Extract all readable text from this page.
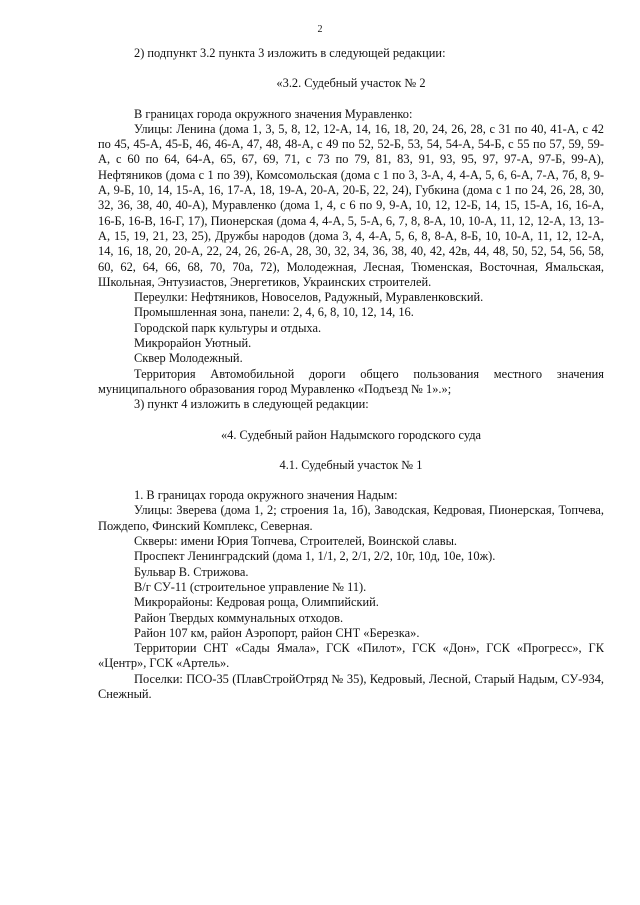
2

2) подпункт 3.2 пункта 3 изложить в следующей редакции:

«3.2. Судебный участок № 2

В границах города окружного значения Муравленко:

Улицы: Ленина (дома 1, 3, 5, 8, 12, 12-А, 14, 16, 18, 20, 24, 26, 28, с 31 по 40, 41-А, с 42 по 45, 45-А, 45-Б, 46, 46-А, 47, 48, 48-А, с 49 по 52, 52-Б, 53, 54, 54-А, 54-Б, с 55 по 57, 59, 59-А, с 60 по 64, 64-А, 65, 67, 69, 71, с 73 по 79, 81, 83, 91, 93, 95, 97, 97-А, 97-Б, 99-А), Нефтяников (дома с 1 по 39), Комсомольская (дома с 1 по 3, 3-А, 4, 4-А, 5, 6, 6-А, 7-А, 7б, 8, 9-А, 9-Б, 10, 14, 15-А, 16, 17-А, 18, 19-А, 20-А, 20-Б, 22, 24), Губкина (дома с 1 по 24, 26, 28, 30, 32, 36, 38, 40, 40-А), Муравленко (дома 1, 4, с 6 по 9, 9-А, 10, 12, 12-Б, 14, 15, 15-А, 16, 16-А, 16-Б, 16-В, 16-Г, 17), Пионерская (дома 4, 4-А, 5, 5-А, 6, 7, 8, 8-А, 10, 10-А, 11, 12, 12-А, 13, 13-А, 15, 19, 21, 23, 25), Дружбы народов (дома 3, 4, 4-А, 5, 6, 8, 8-А, 8-Б, 10, 10-А, 11, 12, 12-А, 14, 16, 18, 20, 20-А, 22, 24, 26, 26-А, 28, 30, 32, 34, 36, 38, 40, 42, 42в, 44, 48, 50, 52, 54, 56, 58, 60, 62, 64, 66, 68, 70, 70а, 72), Молодежная, Лесная, Тюменская, Восточная, Ямальская, Школьная, Энтузиастов, Энергетиков, Украинских строителей.

Переулки: Нефтяников, Новоселов, Радужный, Муравленковский.

Промышленная зона, панели: 2, 4, 6, 8, 10, 12, 14, 16.

Городской парк культуры и отдыха.

Микрорайон Уютный.

Сквер Молодежный.

Территория Автомобильной дороги общего пользования местного значения муниципального образования город Муравленко «Подъезд № 1».»;

3) пункт 4 изложить в следующей редакции:

«4. Судебный район Надымского городского суда

4.1. Судебный участок № 1

1. В границах города окружного значения Надым:

Улицы: Зверева (дома 1, 2; строения 1а, 1б), Заводская, Кедровая, Пионерская, Топчева, Пождепо, Финский Комплекс, Северная.

Скверы: имени Юрия Топчева, Строителей, Воинской славы.

Проспект Ленинградский (дома 1, 1/1, 2, 2/1, 2/2, 10г, 10д, 10е, 10ж).

Бульвар В. Стрижова.

В/г СУ-11 (строительное управление № 11).

Микрорайоны: Кедровая роща, Олимпийский.

Район Твердых коммунальных отходов.

Район 107 км, район Аэропорт, район СНТ «Березка».

Территории СНТ «Сады Ямала», ГСК «Пилот», ГСК «Дон», ГСК «Прогресс», ГК «Центр», ГСК «Артель».

Поселки: ПСО-35 (ПлавСтройОтряд № 35), Кедровый, Лесной, Старый Надым, СУ-934, Снежный.
